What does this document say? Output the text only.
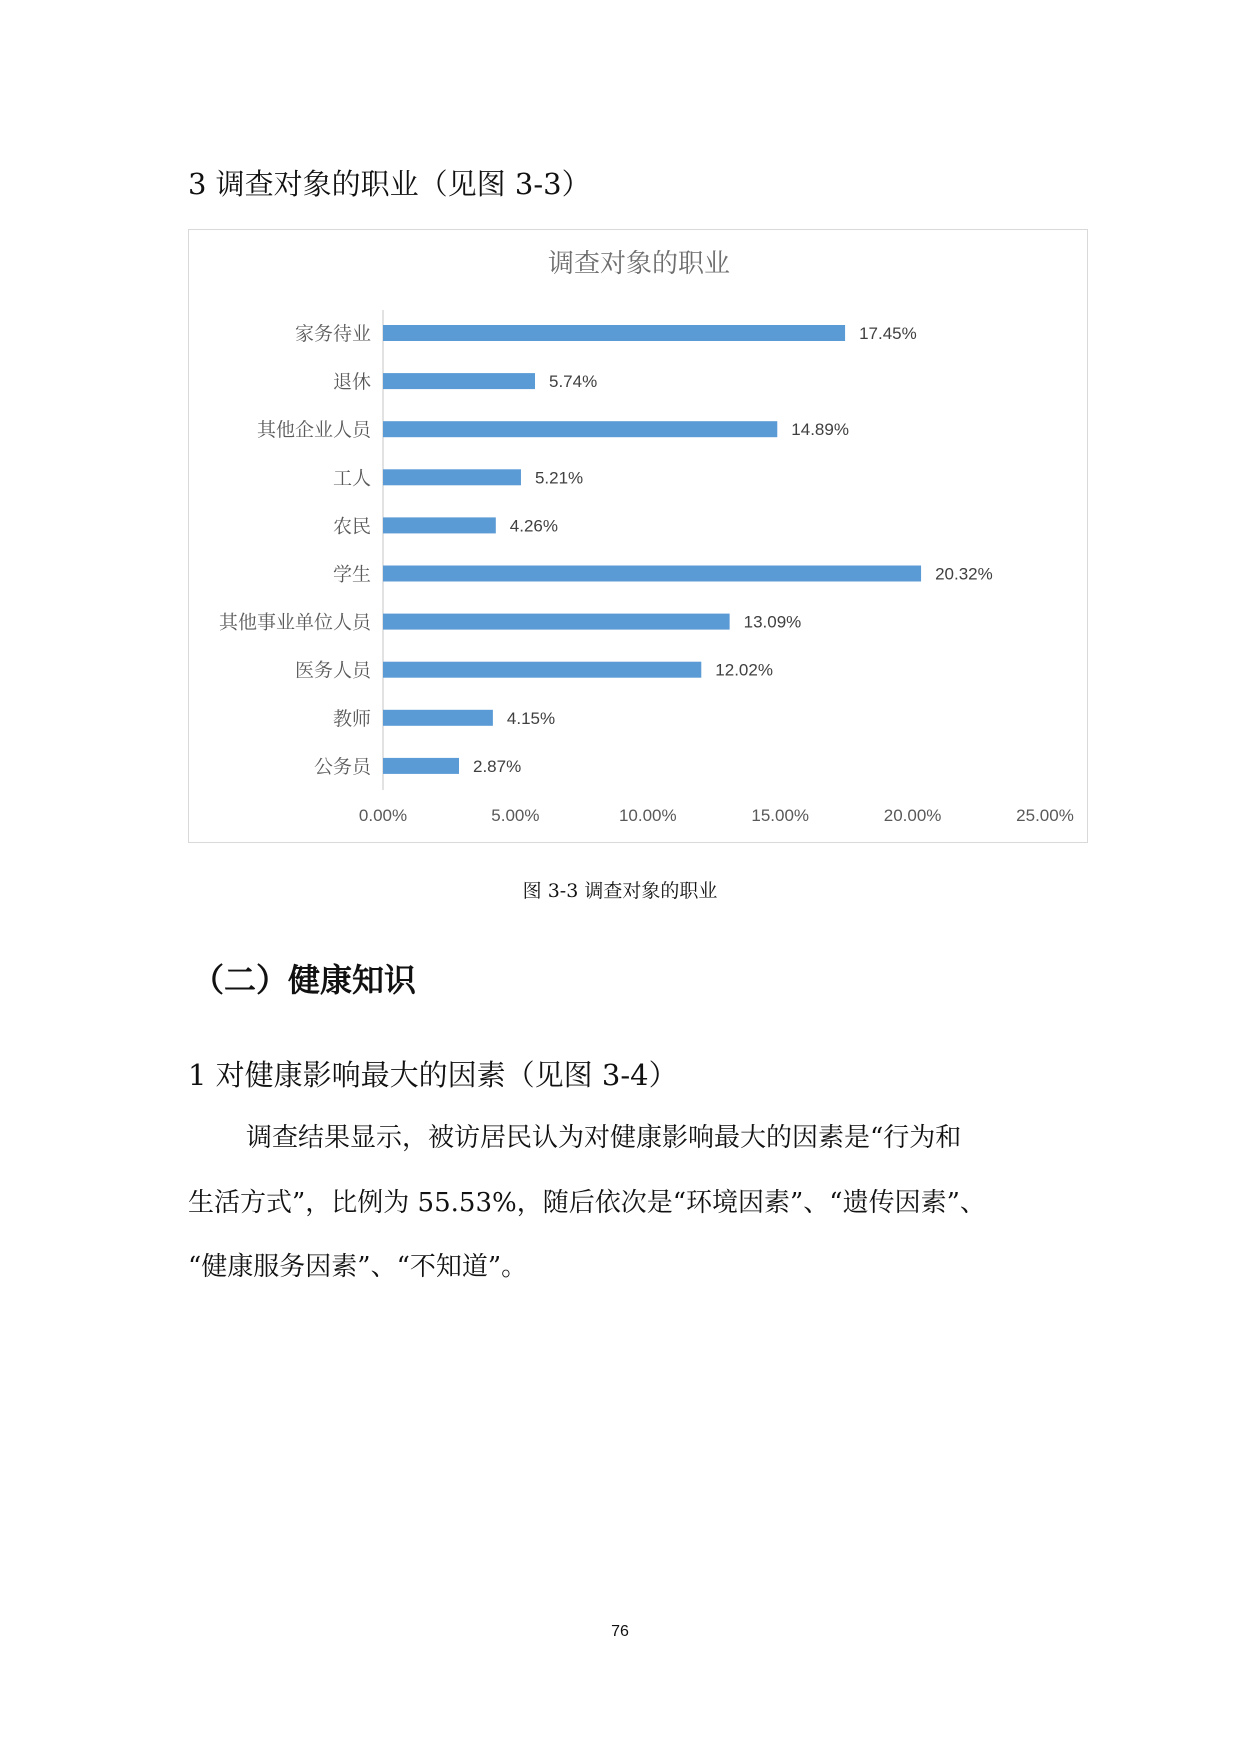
3 调查对象的职业（见图 3-3）
调查对象的职业
家务待业	17.45%
退休	5.74%
其他企业人员	14.89%
工人	5.21%
农民	4.26%
学生	20.32%
其他事业单位人员	13.09%
医务人员	12.02%
教师	4.15%
公务员	2.87%
0.00%	5.00%	10.00%	15.00%	20.00%	25.00%
图 3-3 调查对象的职业
（二）健康知识
1 对健康影响最大的因素（见图 3-4）
调查结果显示，被访居民认为对健康影响最大的因素是“行为和
生活方式”，比例为 55.53%，随后依次是“环境因素”、“遗传因素”、
“健康服务因素”、“不知道”。
76
